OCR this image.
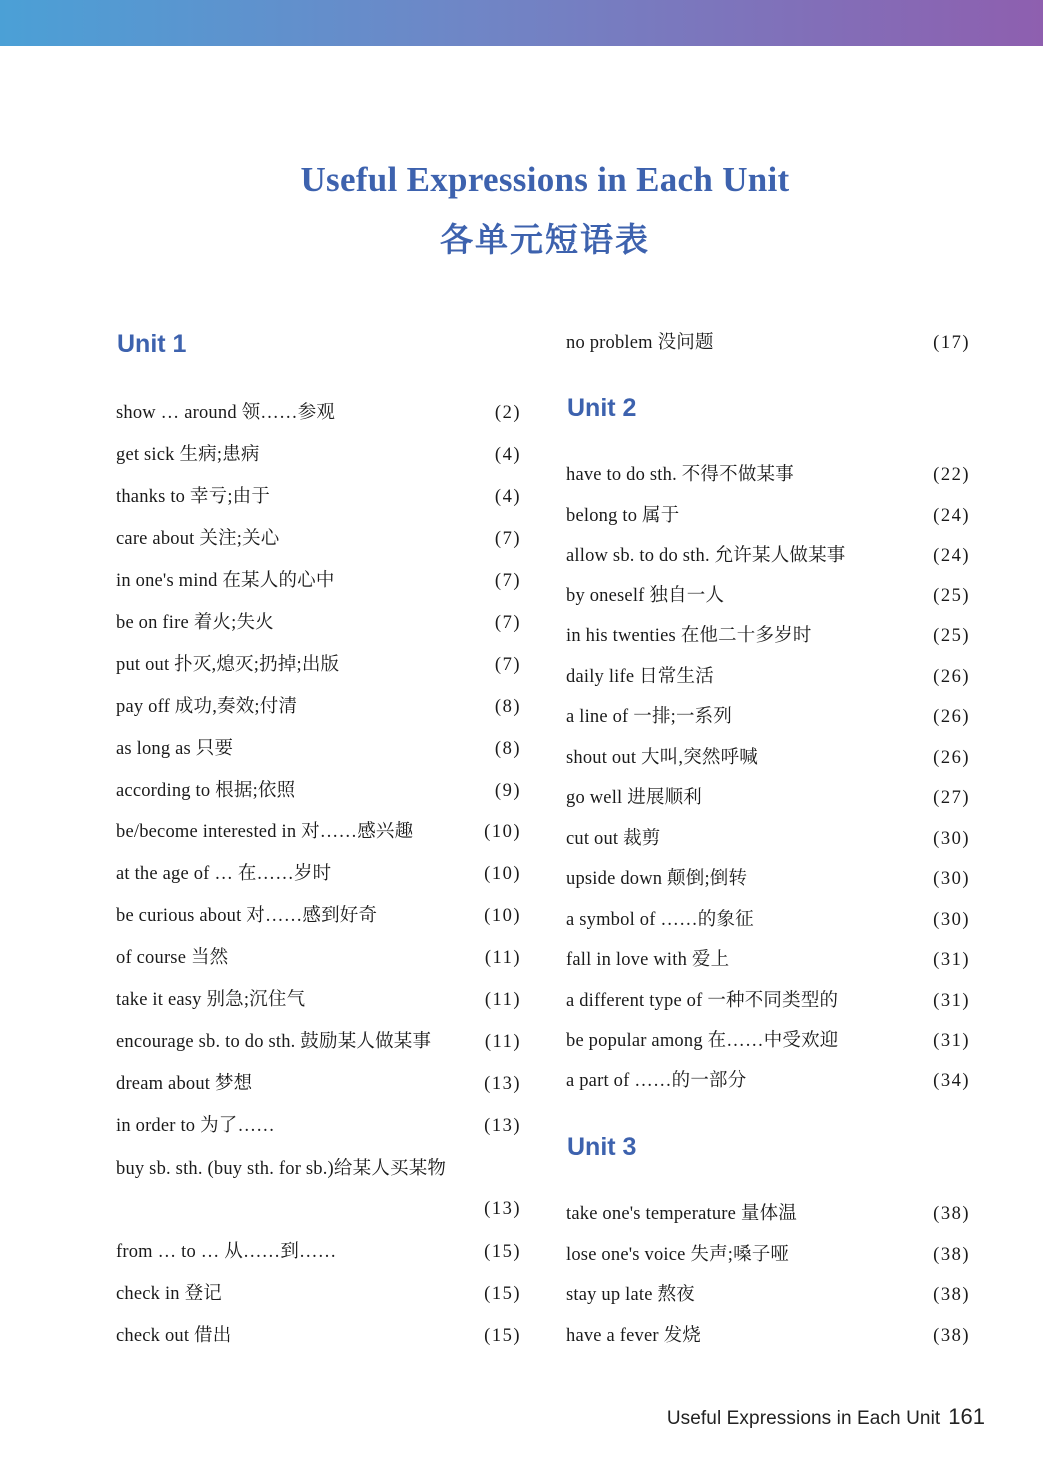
Useful Expressions in Each Unit
各单元短语表
Unit 1
show … around 领……参观	(2)
get sick 生病;患病	(4)
thanks to 幸亏;由于	(4)
care about 关注;关心	(7)
in one's mind 在某人的心中	(7)
be on fire 着火;失火	(7)
put out 扑灭,熄灭;扔掉;出版	(7)
pay off 成功,奏效;付清	(8)
as long as 只要	(8)
according to 根据;依照	(9)
be/become interested in 对……感兴趣	(10)
at the age of … 在……岁时	(10)
be curious about 对……感到好奇	(10)
of course 当然	(11)
take it easy 别急;沉住气	(11)
encourage sb. to do sth. 鼓励某人做某事	(11)
dream about 梦想	(13)
in order to 为了……	(13)
buy sb. sth. (buy sth. for sb.)给某人买某物
(13)
from … to … 从……到……	(15)
check in 登记	(15)
check out 借出	(15)
no problem 没问题	(17)
Unit 2
have to do sth. 不得不做某事	(22)
belong to 属于	(24)
allow sb. to do sth. 允许某人做某事	(24)
by oneself 独自一人	(25)
in his twenties 在他二十多岁时	(25)
daily life 日常生活	(26)
a line of 一排;一系列	(26)
shout out 大叫,突然呼喊	(26)
go well 进展顺利	(27)
cut out 裁剪	(30)
upside down 颠倒;倒转	(30)
a symbol of ……的象征	(30)
fall in love with 爱上	(31)
a different type of 一种不同类型的	(31)
be popular among 在……中受欢迎	(31)
a part of ……的一部分	(34)
Unit 3
take one's temperature 量体温	(38)
lose one's voice 失声;嗓子哑	(38)
stay up late 熬夜	(38)
have a fever 发烧	(38)
Useful Expressions in Each Unit 161
